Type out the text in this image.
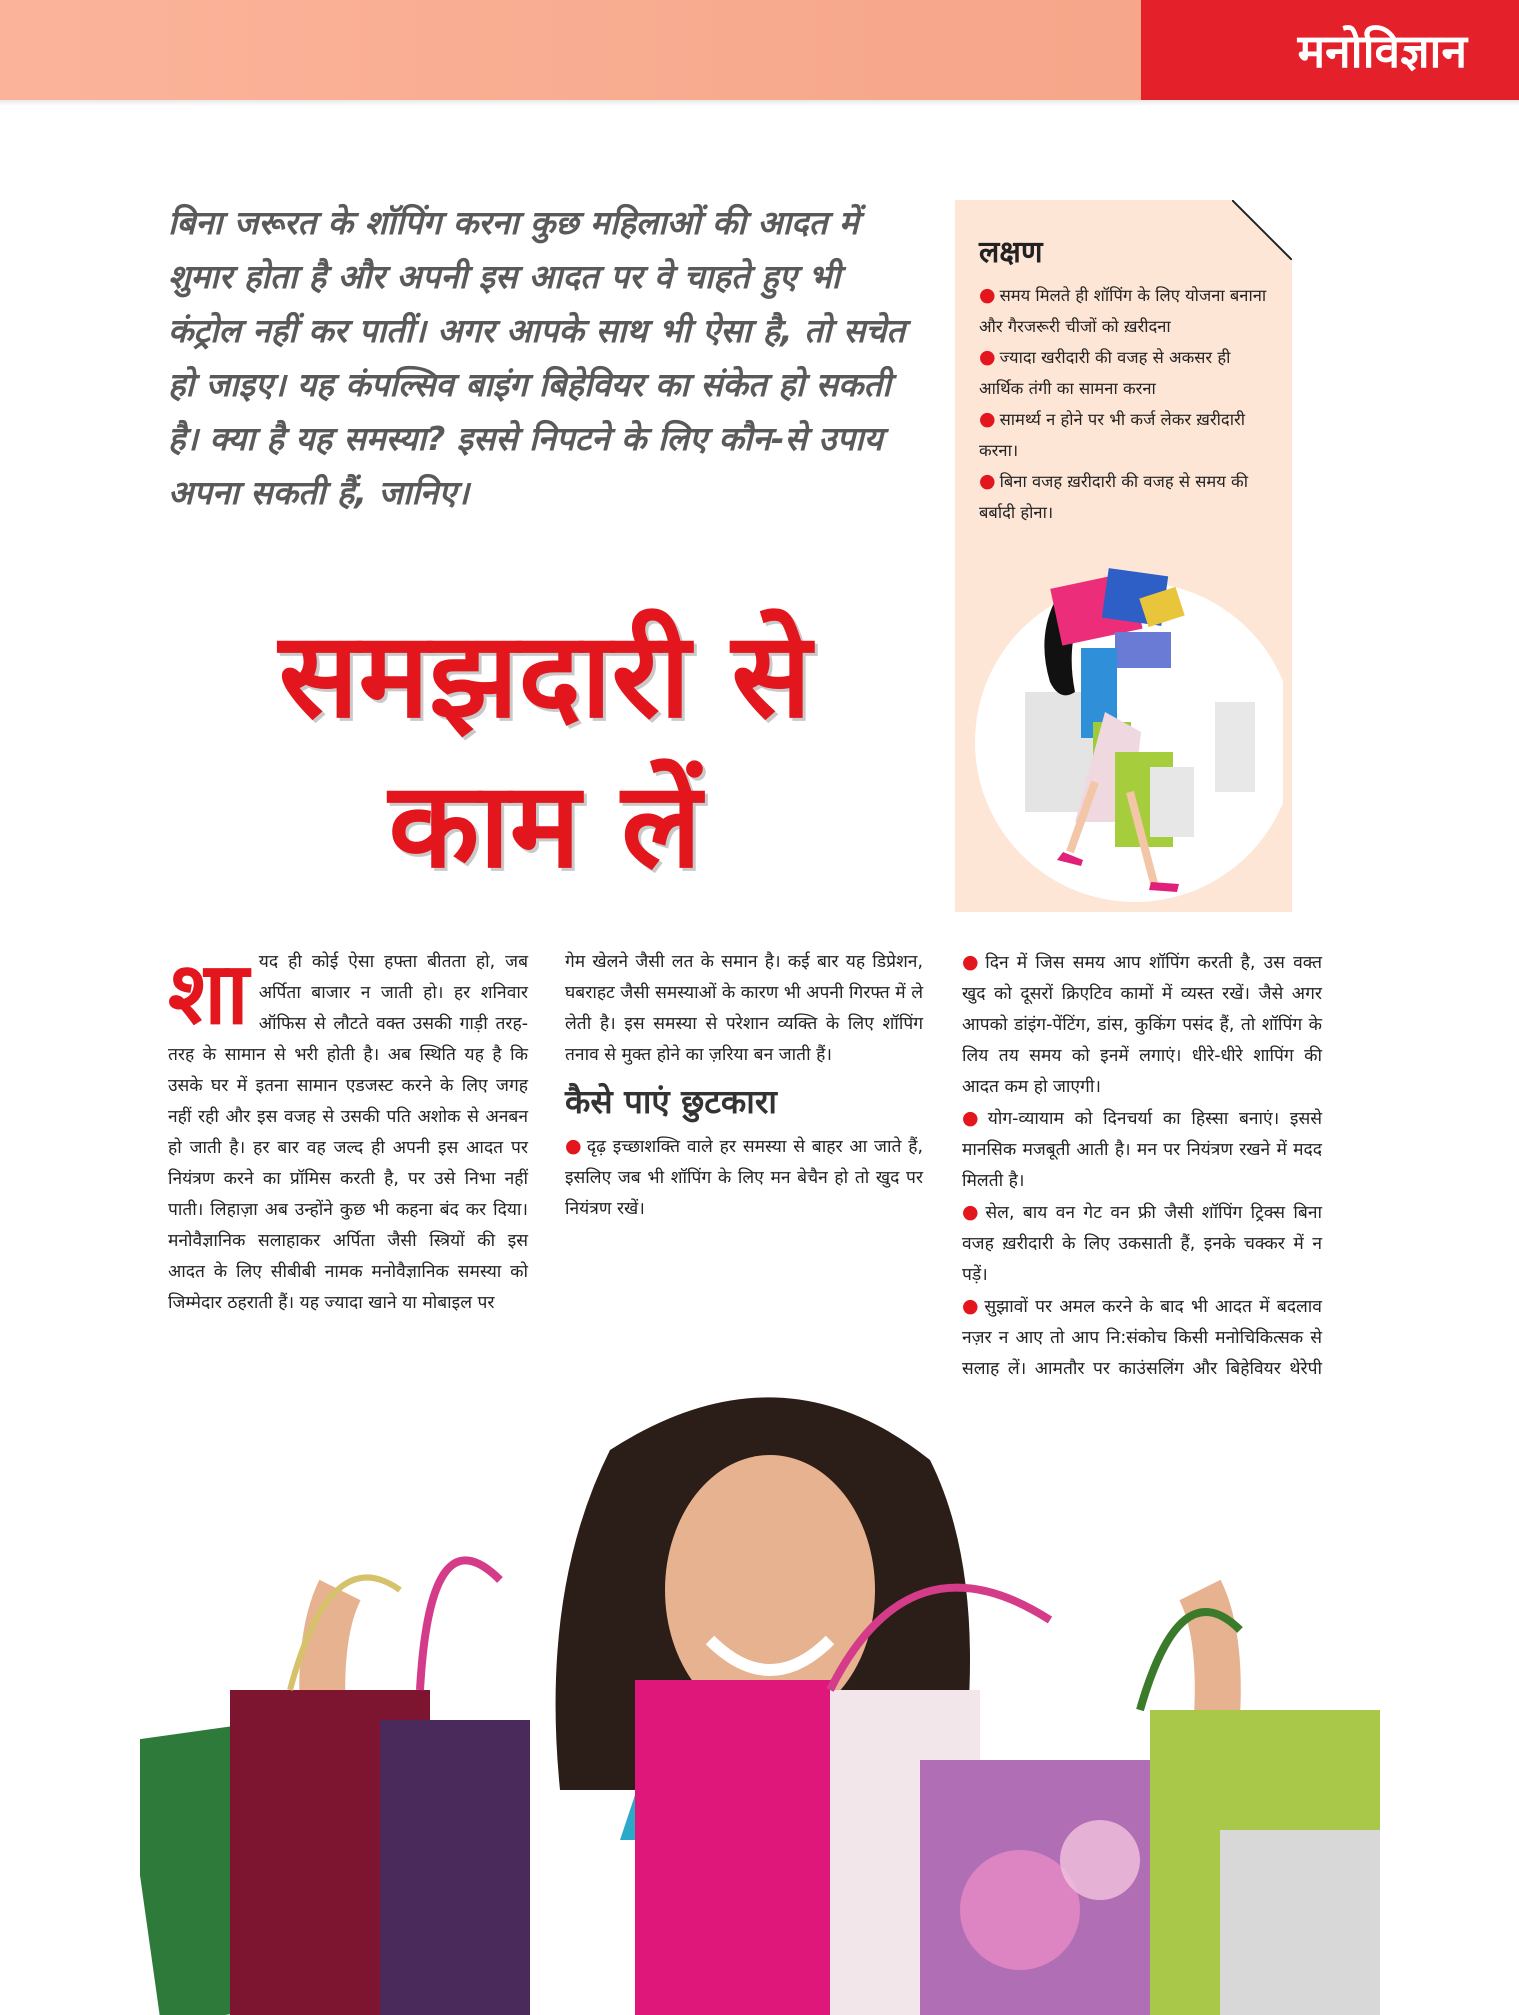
मनोविज्ञान

बिना जरूरत के शॉपिंग करना कुछ महिलाओं की आदत में शुमार होता है और अपनी इस आदत पर वे चाहते हुए भी कंट्रोल नहीं कर पातीं। अगर आपके साथ भी ऐसा है, तो सचेत हो जाइए। यह कंपल्सिव बाइंग बिहेवियर का संकेत हो सकती है। क्या है यह समस्या? इससे निपटने के लिए कौन-से उपाय अपना सकती हैं, जानिए।

समझदारी से
काम लें
लक्षण
● समय मिलते ही शॉपिंग के लिए योजना बनाना और गैरजरूरी चीजों को ख़रीदना
● ज्यादा खरीदारी की वजह से अकसर ही आर्थिक तंगी का सामना करना
● सामर्थ्य न होने पर भी कर्ज लेकर ख़रीदारी करना।
● बिना वजह ख़रीदारी की वजह से समय की बर्बादी होना।
शा यद ही कोई ऐसा हफ्ता बीतता हो, जब अर्पिता बाजार न जाती हो। हर शनिवार ऑफिस से लौटते वक्त उसकी गाड़ी तरह-तरह के सामान से भरी होती है। अब स्थिति यह है कि उसके घर में इतना सामान एडजस्ट करने के लिए जगह नहीं रही और इस वजह से उसकी पति अशोक से अनबन हो जाती है। हर बार वह जल्द ही अपनी इस आदत पर नियंत्रण करने का प्रॉमिस करती है, पर उसे निभा नहीं पाती। लिहाज़ा अब उन्होंने कुछ भी कहना बंद कर दिया। मनोवैज्ञानिक सलाहाकर अर्पिता जैसी स्त्रियों की इस आदत के लिए सीबीबी नामक मनोवैज्ञानिक समस्या को जिम्मेदार ठहराती हैं। यह ज्यादा खाने या मोबाइल पर

गेम खेलने जैसी लत के समान है। कई बार यह डिप्रेशन, घबराहट जैसी समस्याओं के कारण भी अपनी गिरफ्त में ले लेती है। इस समस्या से परेशान व्यक्ति के लिए शॉपिंग तनाव से मुक्त होने का ज़रिया बन जाती हैं।

कैसे पाएं छुटकारा

● दृढ़ इच्छाशक्ति वाले हर समस्या से बाहर आ जाते हैं, इसलिए जब भी शॉपिंग के लिए मन बेचैन हो तो खुद पर नियंत्रण रखें।

● दिन में जिस समय आप शॉपिंग करती है, उस वक्त खुद को दूसरों क्रिएटिव कामों में व्यस्त रखें। जैसे अगर आपको डांइंग-पेंटिंग, डांस, कुकिंग पसंद हैं, तो शॉपिंग के लिय तय समय को इनमें लगाएं। धीरे-धीरे शापिंग की आदत कम हो जाएगी।

● योग-व्यायाम को दिनचर्या का हिस्सा बनाएं। इससे मानसिक मजबूती आती है। मन पर नियंत्रण रखने में मदद मिलती है।

● सेल, बाय वन गेट वन फ्री जैसी शॉपिंग ट्रिक्स बिना वजह ख़रीदारी के लिए उकसाती हैं, इनके चक्कर में न पड़ें।

● सुझावों पर अमल करने के बाद भी आदत में बदलाव नज़र न आए तो आप नि:संकोच किसी मनोचिकित्सक से सलाह लें। आमतौर पर काउंसलिंग और बिहेवियर थेरेपी
